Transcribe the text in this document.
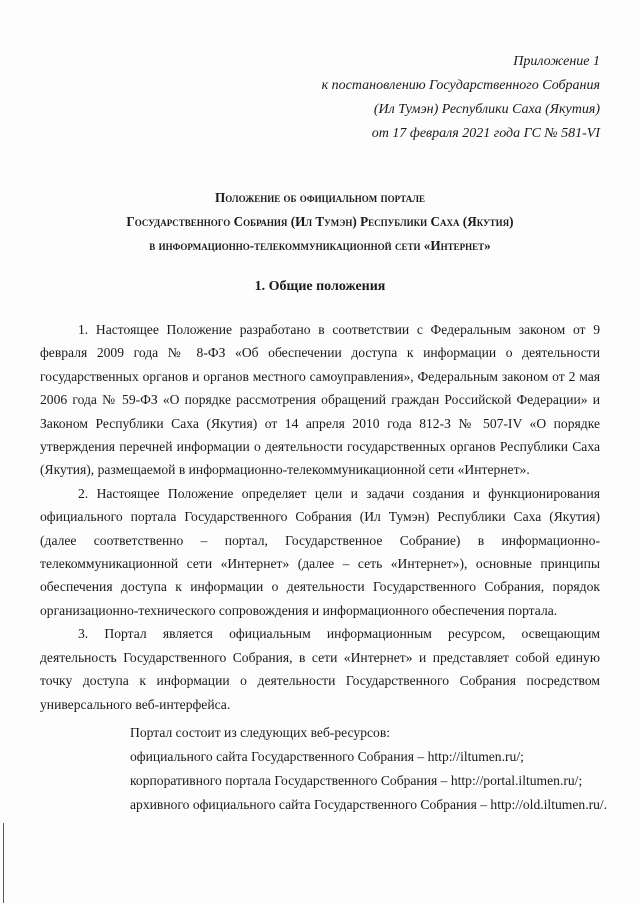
Приложение 1
к постановлению Государственного Собрания
(Ил Тумэн) Республики Саха (Якутия)
от 17 февраля 2021 года ГС № 581-VI
Положение об официальном портале
Государственного Собрания (Ил Тумэн) Республики Саха (Якутия)
в информационно-телекоммуникационной сети «Интернет»
1. Общие положения

1. Настоящее Положение разработано в соответствии с Федеральным законом от 9 февраля 2009 года № 8-ФЗ «Об обеспечении доступа к информации о деятельности государственных органов и органов местного самоуправления», Федеральным законом от 2 мая 2006 года № 59-ФЗ «О порядке рассмотрения обращений граждан Российской Федерации» и Законом Республики Саха (Якутия) от 14 апреля 2010 года 812-З № 507-IV «О порядке утверждения перечней информации о деятельности государственных органов Республики Саха (Якутия), размещаемой в информационно-телекоммуникационной сети «Интернет».

2. Настоящее Положение определяет цели и задачи создания и функционирования официального портала Государственного Собрания (Ил Тумэн) Республики Саха (Якутия) (далее соответственно – портал, Государственное Собрание) в информационно-телекоммуникационной сети «Интернет» (далее – сеть «Интернет»), основные принципы обеспечения доступа к информации о деятельности Государственного Собрания, порядок организационно-технического сопровождения и информационного обеспечения портала.

3. Портал является официальным информационным ресурсом, освещающим деятельность Государственного Собрания, в сети «Интернет» и представляет собой единую точку доступа к информации о деятельности Государственного Собрания посредством универсального веб-интерфейса.

Портал состоит из следующих веб-ресурсов:
официального сайта Государственного Собрания – http://iltumen.ru/;
корпоративного портала Государственного Собрания – http://portal.iltumen.ru/;
архивного официального сайта Государственного Собрания – http://old.iltumen.ru/.
